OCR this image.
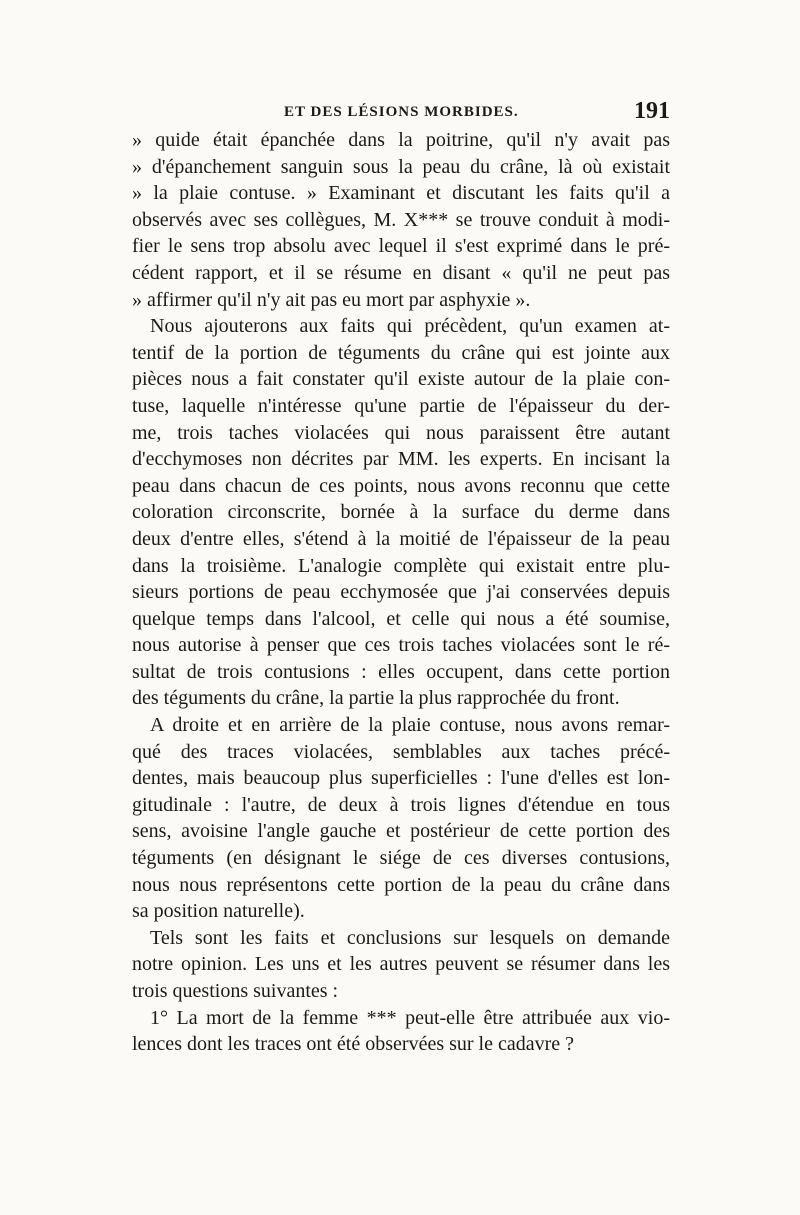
ET DES LÉSIONS MORBIDES.	191
» quide était épanchée dans la poitrine, qu'il n'y avait pas
» d'épanchement sanguin sous la peau du crâne, là où existait
» la plaie contuse. » Examinant et discutant les faits qu'il a
observés avec ses collègues, M. X*** se trouve conduit à modi-
fier le sens trop absolu avec lequel il s'est exprimé dans le pré-
cédent rapport, et il se résume en disant « qu'il ne peut pas
» affirmer qu'il n'y ait pas eu mort par asphyxie ».
Nous ajouterons aux faits qui précèdent, qu'un examen at-
tentif de la portion de téguments du crâne qui est jointe aux
pièces nous a fait constater qu'il existe autour de la plaie con-
tuse, laquelle n'intéresse qu'une partie de l'épaisseur du der-
me, trois taches violacées qui nous paraissent être autant
d'ecchymoses non décrites par MM. les experts. En incisant la
peau dans chacun de ces points, nous avons reconnu que cette
coloration circonscrite, bornée à la surface du derme dans
deux d'entre elles, s'étend à la moitié de l'épaisseur de la peau
dans la troisième. L'analogie complète qui existait entre plu-
sieurs portions de peau ecchymosée que j'ai conservées depuis
quelque temps dans l'alcool, et celle qui nous a été soumise,
nous autorise à penser que ces trois taches violacées sont le ré-
sultat de trois contusions : elles occupent, dans cette portion
des téguments du crâne, la partie la plus rapprochée du front.
A droite et en arrière de la plaie contuse, nous avons remar-
qué des traces violacées, semblables aux taches précé-
dentes, mais beaucoup plus superficielles : l'une d'elles est lon-
gitudinale : l'autre, de deux à trois lignes d'étendue en tous
sens, avoisine l'angle gauche et postérieur de cette portion des
téguments (en désignant le siége de ces diverses contusions,
nous nous représentons cette portion de la peau du crâne dans
sa position naturelle).
Tels sont les faits et conclusions sur lesquels on demande
notre opinion. Les uns et les autres peuvent se résumer dans les
trois questions suivantes :
1° La mort de la femme *** peut-elle être attribuée aux vio-
lences dont les traces ont été observées sur le cadavre ?
